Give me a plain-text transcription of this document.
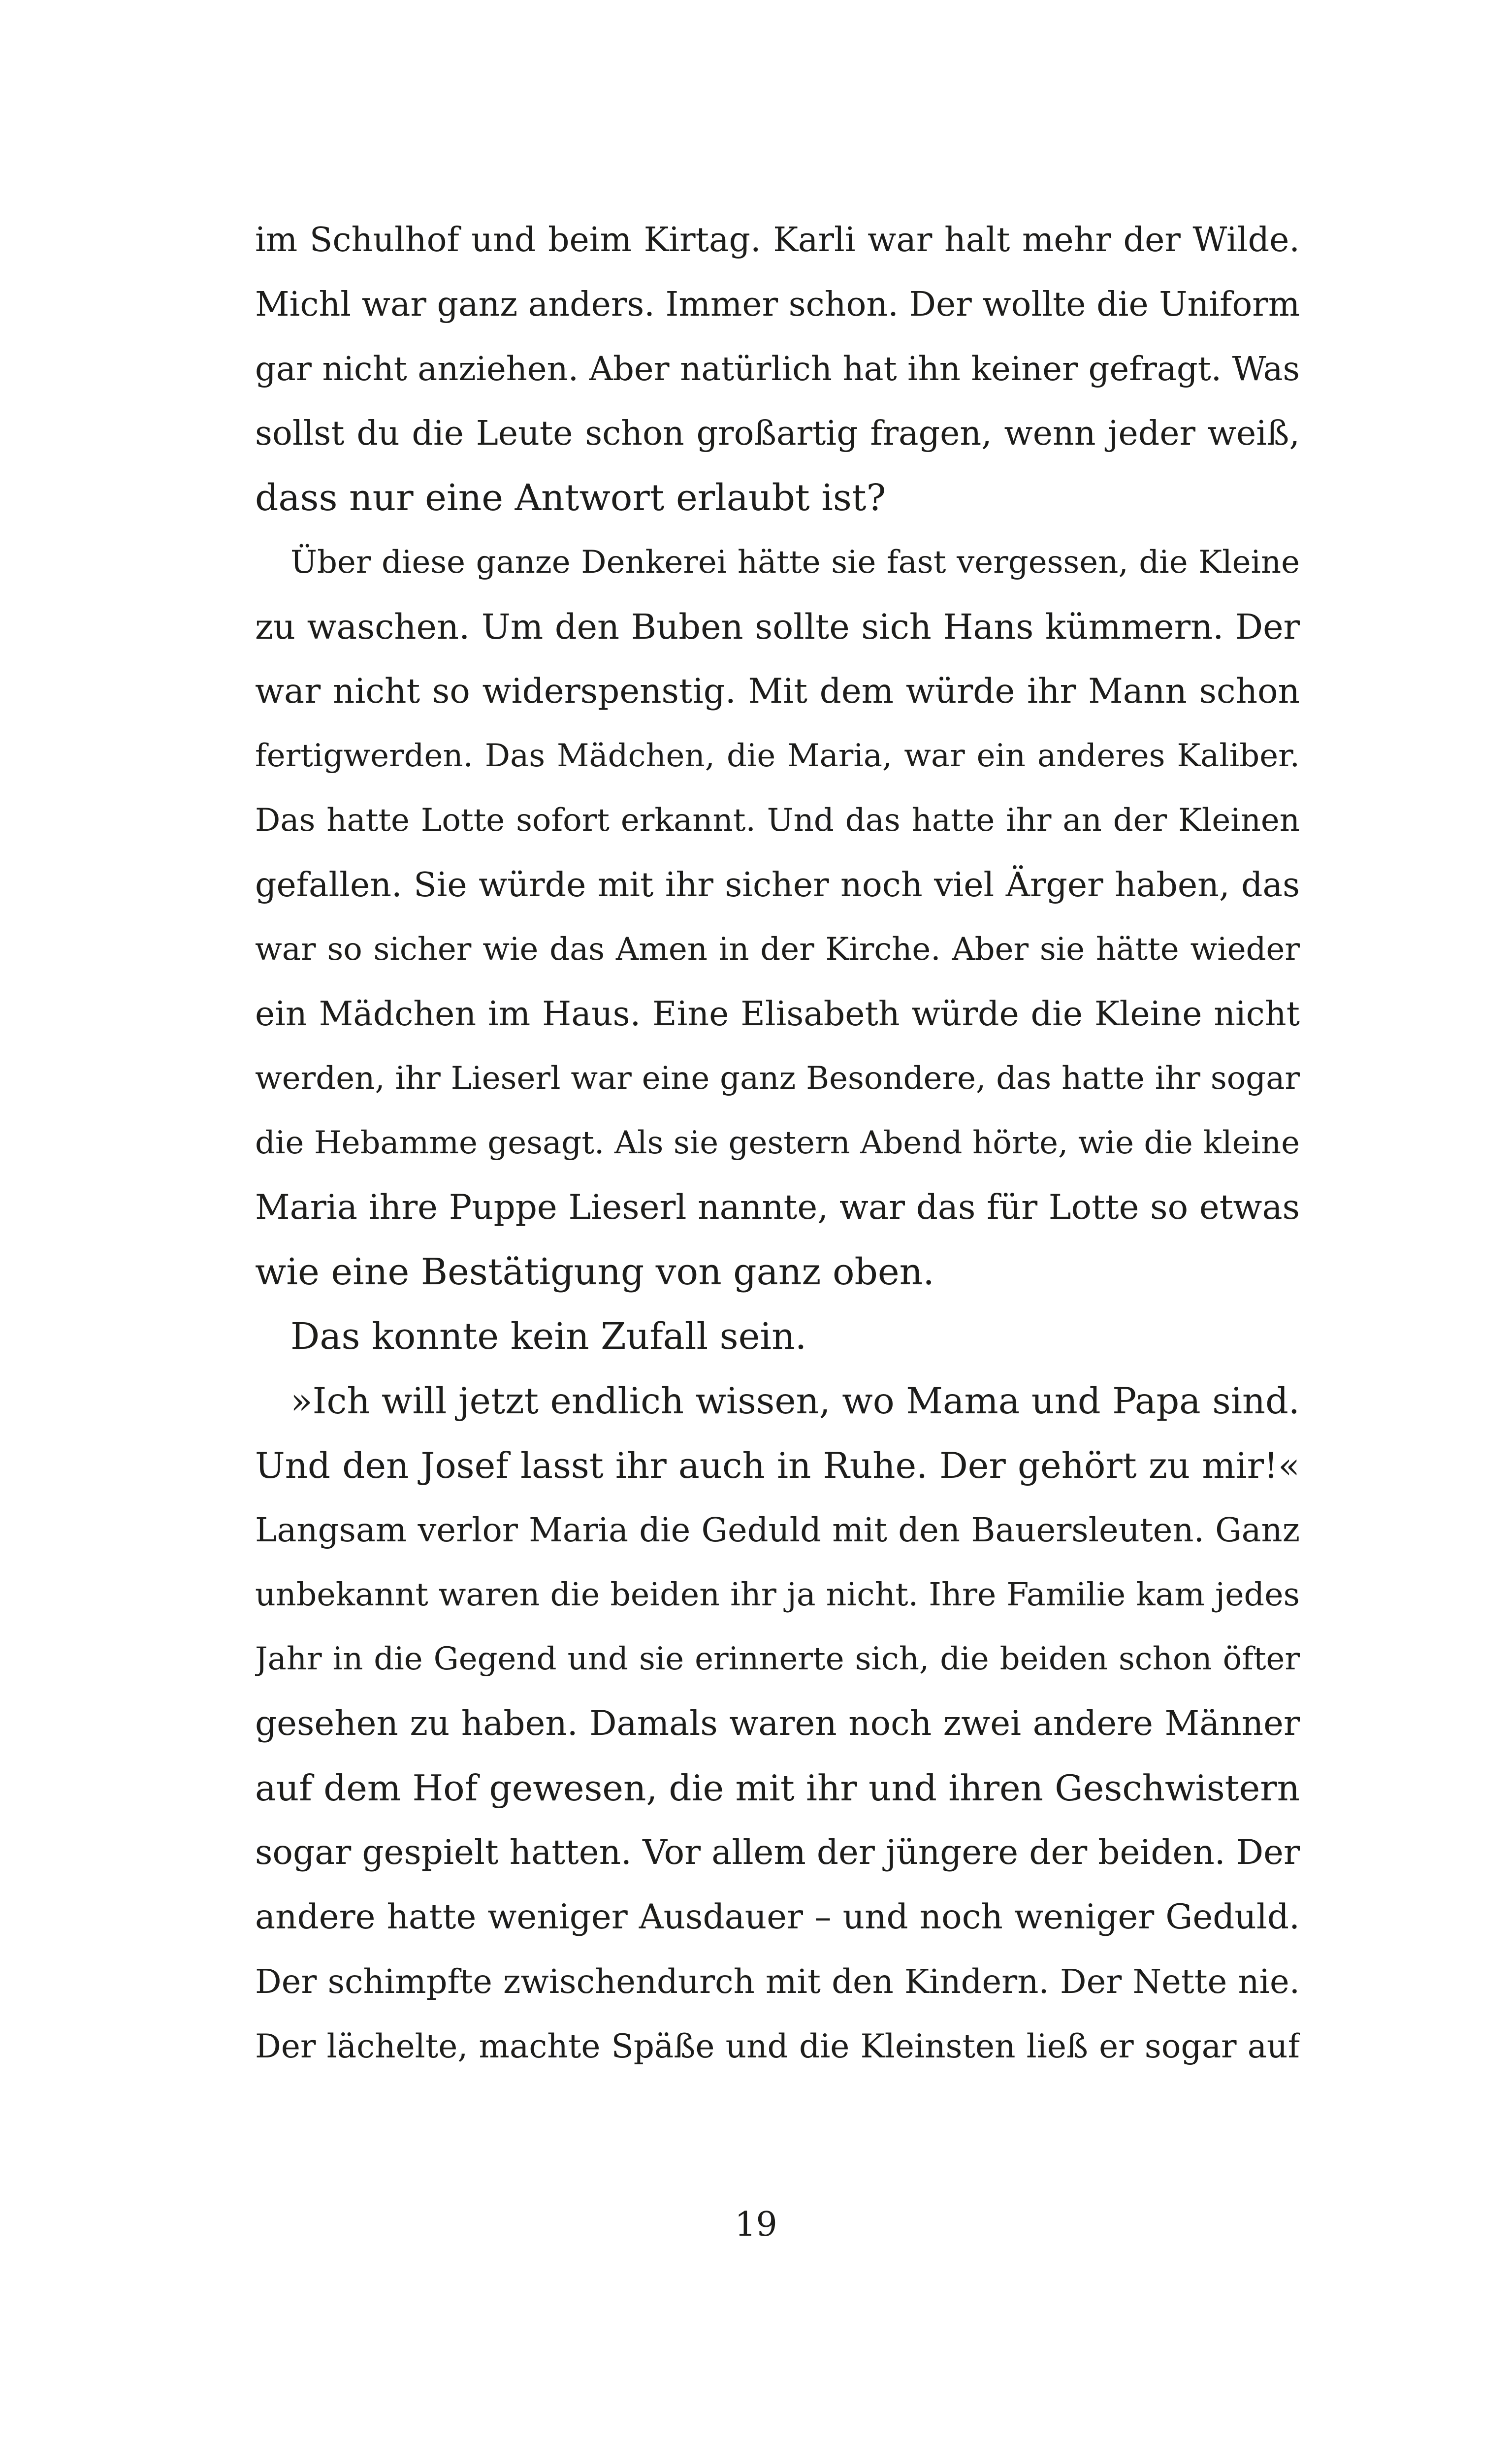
im Schulhof und beim Kirtag. Karli war halt mehr der Wilde.
Michl war ganz anders. Immer schon. Der wollte die Uniform
gar nicht anziehen. Aber natürlich hat ihn keiner gefragt. Was
sollst du die Leute schon großartig fragen, wenn jeder weiß,
dass nur eine Antwort erlaubt ist?
Über diese ganze Denkerei hätte sie fast vergessen, die Kleine
zu waschen. Um den Buben sollte sich Hans kümmern. Der
war nicht so widerspenstig. Mit dem würde ihr Mann schon
fertigwerden. Das Mädchen, die Maria, war ein anderes Kaliber.
Das hatte Lotte sofort erkannt. Und das hatte ihr an der Kleinen
gefallen. Sie würde mit ihr sicher noch viel Ärger haben, das
war so sicher wie das Amen in der Kirche. Aber sie hätte wieder
ein Mädchen im Haus. Eine Elisabeth würde die Kleine nicht
werden, ihr Lieserl war eine ganz Besondere, das hatte ihr sogar
die Hebamme gesagt. Als sie gestern Abend hörte, wie die kleine
Maria ihre Puppe Lieserl nannte, war das für Lotte so etwas
wie eine Bestätigung von ganz oben.
Das konnte kein Zufall sein.
»Ich will jetzt endlich wissen, wo Mama und Papa sind.
Und den Josef lasst ihr auch in Ruhe. Der gehört zu mir!«
Langsam verlor Maria die Geduld mit den Bauersleuten. Ganz
unbekannt waren die beiden ihr ja nicht. Ihre Familie kam jedes
Jahr in die Gegend und sie erinnerte sich, die beiden schon öfter
gesehen zu haben. Damals waren noch zwei andere Männer
auf dem Hof gewesen, die mit ihr und ihren Geschwistern
sogar gespielt hatten. Vor allem der jüngere der beiden. Der
andere hatte weniger Ausdauer – und noch weniger Geduld.
Der schimpfte zwischendurch mit den Kindern. Der Nette nie.
Der lächelte, machte Späße und die Kleinsten ließ er sogar auf
19
